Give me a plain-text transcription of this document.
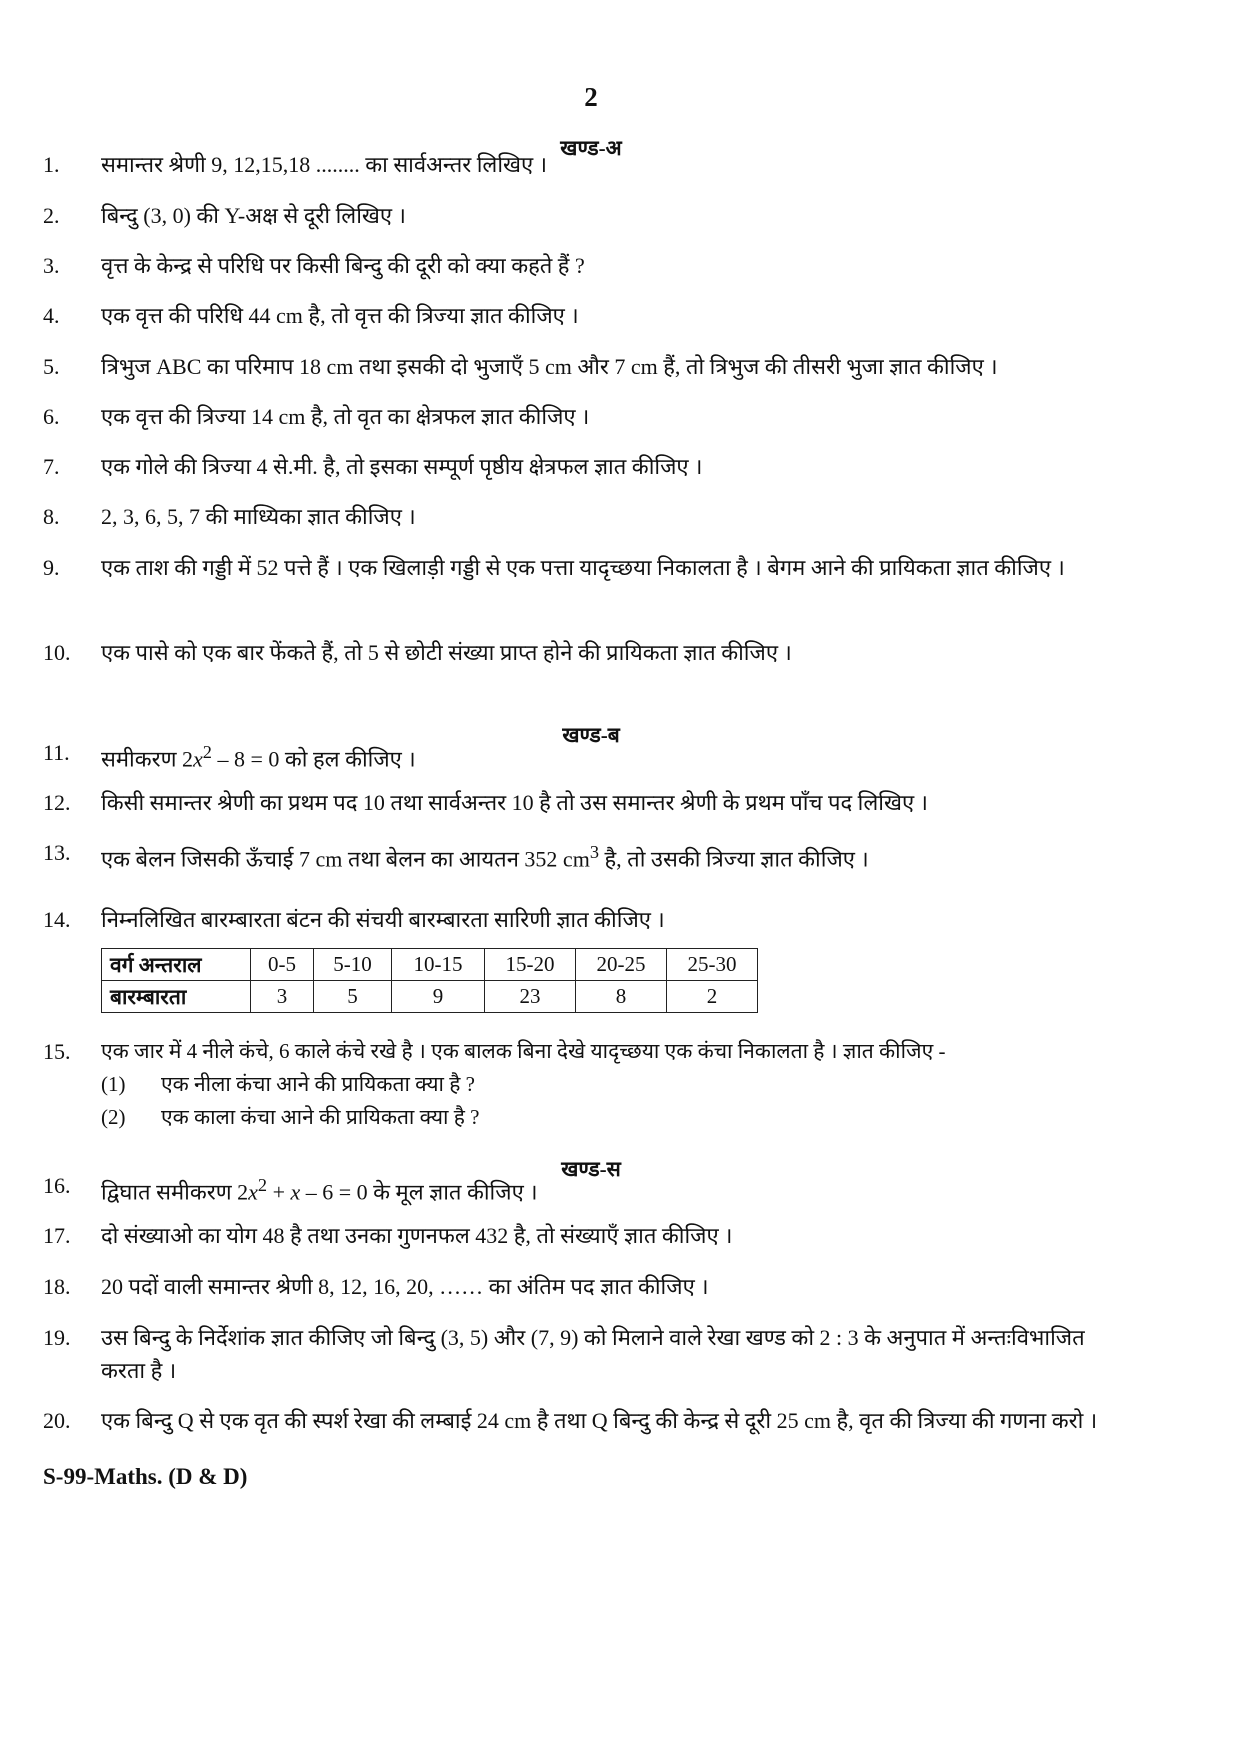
2
खण्ड-अ
1. समान्तर श्रेणी 9, 12,15,18 ........ का सार्वअन्तर लिखिए ।
2. बिन्दु (3, 0) की Y-अक्ष से दूरी लिखिए ।
3. वृत्त के केन्द्र से परिधि पर किसी बिन्दु की दूरी को क्या कहते हैं ?
4. एक वृत्त की परिधि 44 cm है, तो वृत्त की त्रिज्या ज्ञात कीजिए ।
5. त्रिभुज ABC का परिमाप 18 cm तथा इसकी दो भुजाएँ 5 cm और 7 cm हैं, तो त्रिभुज की तीसरी भुजा ज्ञात कीजिए ।
6. एक वृत्त की त्रिज्या 14 cm है, तो वृत का क्षेत्रफल ज्ञात कीजिए ।
7. एक गोले की त्रिज्या 4 से.मी. है, तो इसका सम्पूर्ण पृष्ठीय क्षेत्रफल ज्ञात कीजिए ।
8. 2, 3, 6, 5, 7 की माध्यिका ज्ञात कीजिए ।
9. एक ताश की गड्डी में 52 पत्ते हैं । एक खिलाड़ी गड्डी से एक पत्ता यादृच्छया निकालता है । बेगम आने की प्रायिकता ज्ञात कीजिए ।
10. एक पासे को एक बार फेंकते हैं, तो 5 से छोटी संख्या प्राप्त होने की प्रायिकता ज्ञात कीजिए ।
खण्ड-ब
11. समीकरण $2x^2 - 8 = 0$ को हल कीजिए ।
12. किसी समान्तर श्रेणी का प्रथम पद 10 तथा सार्वअन्तर 10 है तो उस समान्तर श्रेणी के प्रथम पाँच पद लिखिए ।
13. एक बेलन जिसकी ऊँचाई 7 cm तथा बेलन का आयतन 352 $cm^3$ है, तो उसकी त्रिज्या ज्ञात कीजिए ।
14. निम्नलिखित बारम्बारता बंटन की संचयी बारम्बारता सारिणी ज्ञात कीजिए ।
वर्ग अन्तराल	0-5	5-10	10-15	15-20	20-25	25-30
बारम्बारता	3	5	9	23	8	2
15. एक जार में 4 नीले कंचे, 6 काले कंचे रखे है । एक बालक बिना देखे यादृच्छया एक कंचा निकालता है । ज्ञात कीजिए -
(1) एक नीला कंचा आने की प्रायिकता क्या है ?
(2) एक काला कंचा आने की प्रायिकता क्या है ?
खण्ड-स
16. द्विघात समीकरण $2x^2 + x - 6 = 0$ के मूल ज्ञात कीजिए ।
17. दो संख्याओ का योग 48 है तथा उनका गुणनफल 432 है, तो संख्याएँ ज्ञात कीजिए ।
18. 20 पदों वाली समान्तर श्रेणी 8, 12, 16, 20, …… का अंतिम पद ज्ञात कीजिए ।
19. उस बिन्दु के निर्देशांक ज्ञात कीजिए जो बिन्दु (3, 5) और (7, 9) को मिलाने वाले रेखा खण्ड को 2 : 3 के अनुपात में अन्तःविभाजित करता है ।
20. एक बिन्दु Q से एक वृत की स्पर्श रेखा की लम्बाई 24 cm है तथा Q बिन्दु की केन्द्र से दूरी 25 cm है, वृत की त्रिज्या की गणना करो ।
S-99-Maths. (D & D)
